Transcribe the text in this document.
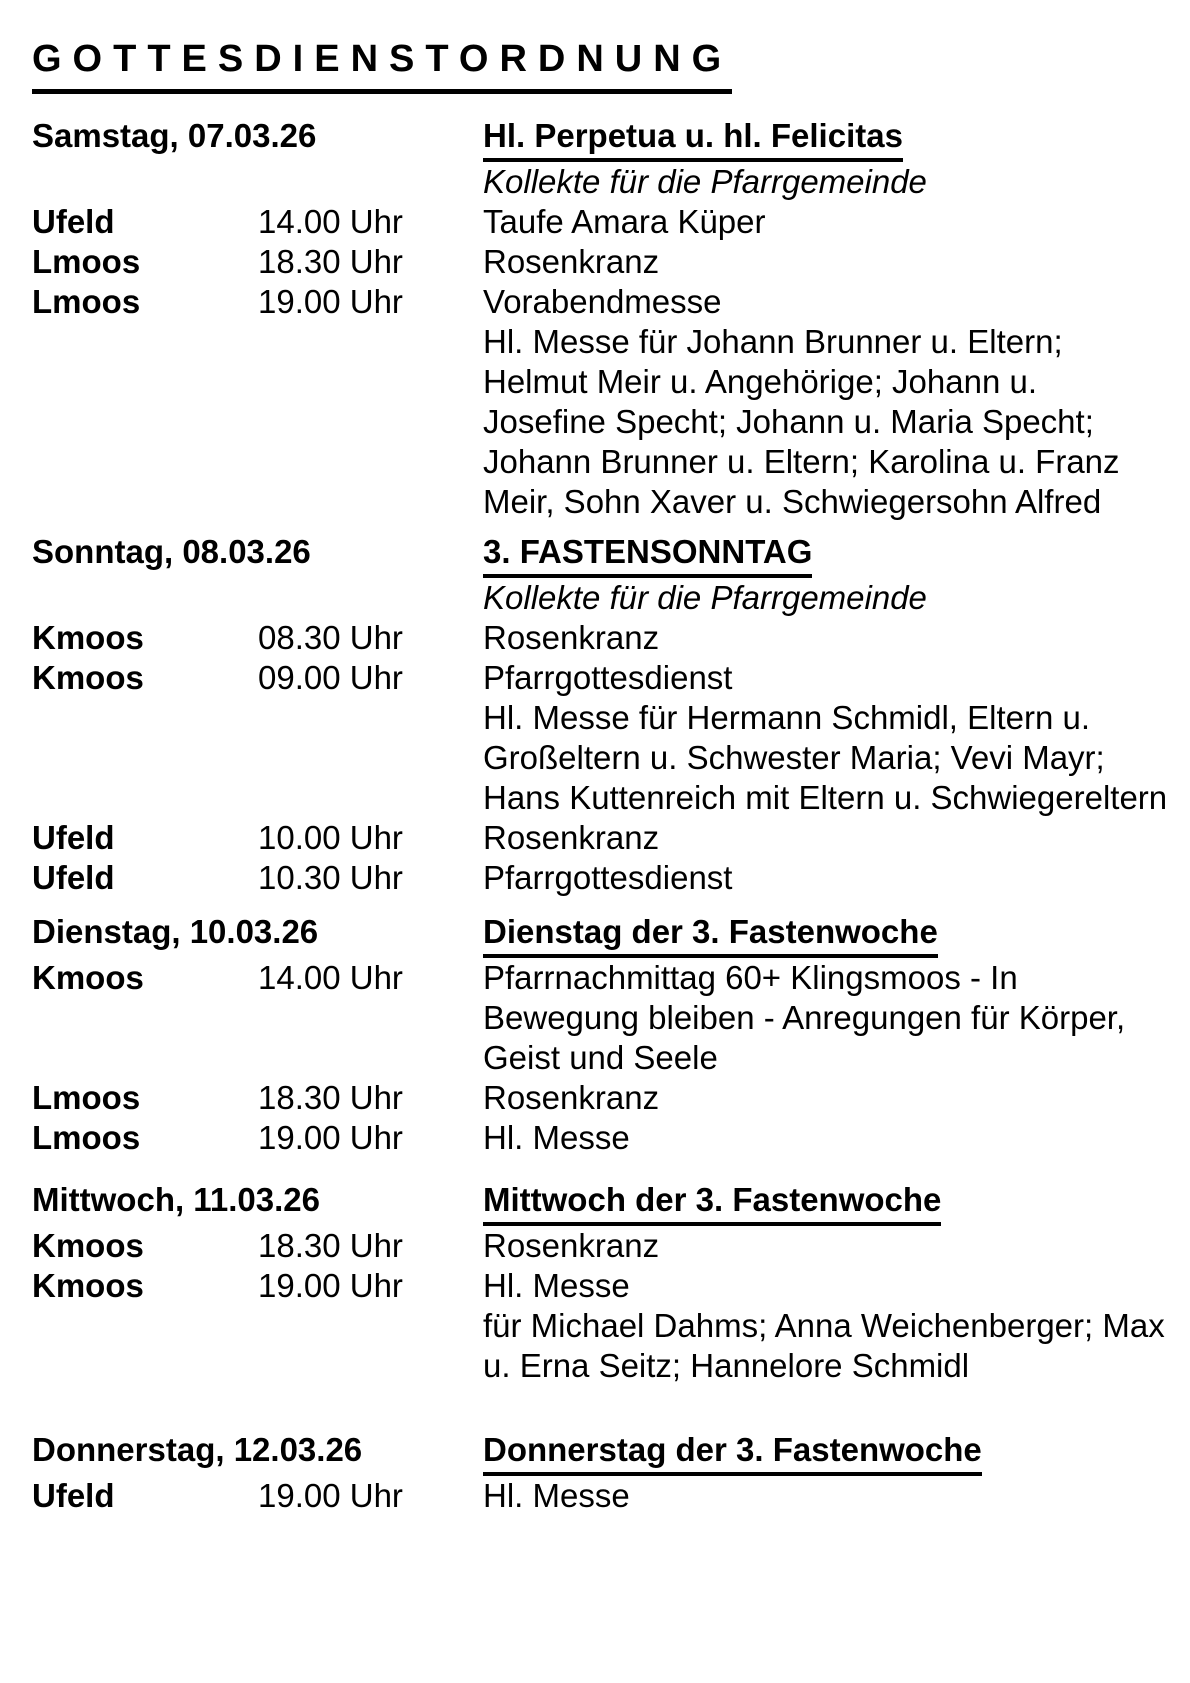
GOTTESDIENSTORDNUNG
Samstag, 07.03.26	Hl. Perpetua u. hl. Felicitas
Kollekte für die Pfarrgemeinde
Ufeld	14.00 Uhr	Taufe Amara Küper
Lmoos	18.30 Uhr	Rosenkranz
Lmoos	19.00 Uhr	Vorabendmesse
Hl. Messe für Johann Brunner u. Eltern; Helmut Meir u. Angehörige; Johann u. Josefine Specht; Johann u. Maria Specht; Johann Brunner u. Eltern; Karolina u. Franz Meir, Sohn Xaver u. Schwiegersohn Alfred
Sonntag, 08.03.26	3. FASTENSONNTAG
Kollekte für die Pfarrgemeinde
Kmoos	08.30 Uhr	Rosenkranz
Kmoos	09.00 Uhr	Pfarrgottesdienst
Hl. Messe für Hermann Schmidl, Eltern u. Großeltern u. Schwester Maria; Vevi Mayr; Hans Kuttenreich mit Eltern u. Schwiegereltern
Ufeld	10.00 Uhr	Rosenkranz
Ufeld	10.30 Uhr	Pfarrgottesdienst
Dienstag, 10.03.26	Dienstag der 3. Fastenwoche
Kmoos	14.00 Uhr	Pfarrnachmittag 60+ Klingsmoos - In Bewegung bleiben - Anregungen für Körper, Geist und Seele
Lmoos	18.30 Uhr	Rosenkranz
Lmoos	19.00 Uhr	Hl. Messe
Mittwoch, 11.03.26	Mittwoch der 3. Fastenwoche
Kmoos	18.30 Uhr	Rosenkranz
Kmoos	19.00 Uhr	Hl. Messe
für Michael Dahms; Anna Weichenberger; Max u. Erna Seitz; Hannelore Schmidl
Donnerstag, 12.03.26	Donnerstag der 3. Fastenwoche
Ufeld	19.00 Uhr	Hl. Messe
